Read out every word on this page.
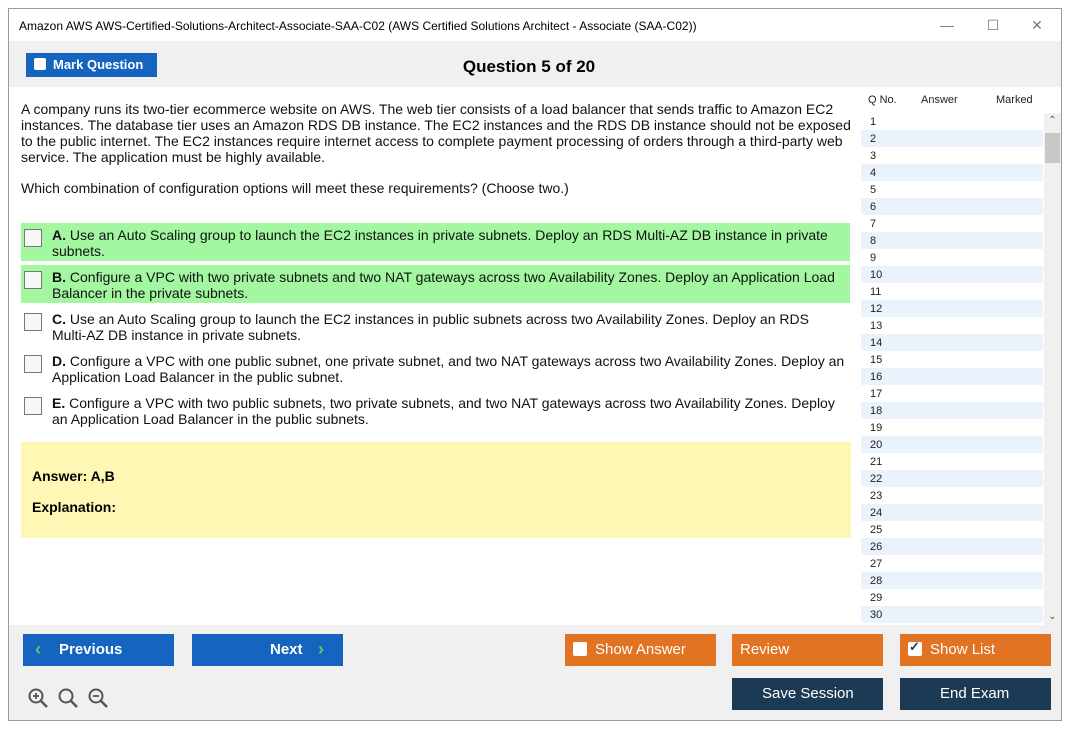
Amazon AWS AWS-Certified-Solutions-Architect-Associate-SAA-C02 (AWS Certified Solutions Architect - Associate (SAA-C02))	— ☐ ✕
Mark Question	Question 5 of 20
A company runs its two-tier ecommerce website on AWS. The web tier consists of a load balancer that sends traffic to Amazon EC2 instances. The database tier uses an Amazon RDS DB instance. The EC2 instances and the RDS DB instance should not be exposed to the public internet. The EC2 instances require internet access to complete payment processing of orders through a third-party web service. The application must be highly available.
Which combination of configuration options will meet these requirements? (Choose two.)
A. Use an Auto Scaling group to launch the EC2 instances in private subnets. Deploy an RDS Multi-AZ DB instance in private subnets.
B. Configure a VPC with two private subnets and two NAT gateways across two Availability Zones. Deploy an Application Load Balancer in the private subnets.
C. Use an Auto Scaling group to launch the EC2 instances in public subnets across two Availability Zones. Deploy an RDS Multi-AZ DB instance in private subnets.
D. Configure a VPC with one public subnet, one private subnet, and two NAT gateways across two Availability Zones. Deploy an Application Load Balancer in the public subnet.
E. Configure a VPC with two public subnets, two private subnets, and two NAT gateways across two Availability Zones. Deploy an Application Load Balancer in the public subnets.
Answer: A,B
Explanation:
Q No. Answer	Marked
1
2
3
4
5
6
7
8
9
10
11
12
13
14
15
16
17
18
19
20
21
22
23
24
25
26
27
28
29
30
⌃
⌄
‹ Previous	Next ›	Show Answer	Review
✓	Show List
Save Session	End Exam
